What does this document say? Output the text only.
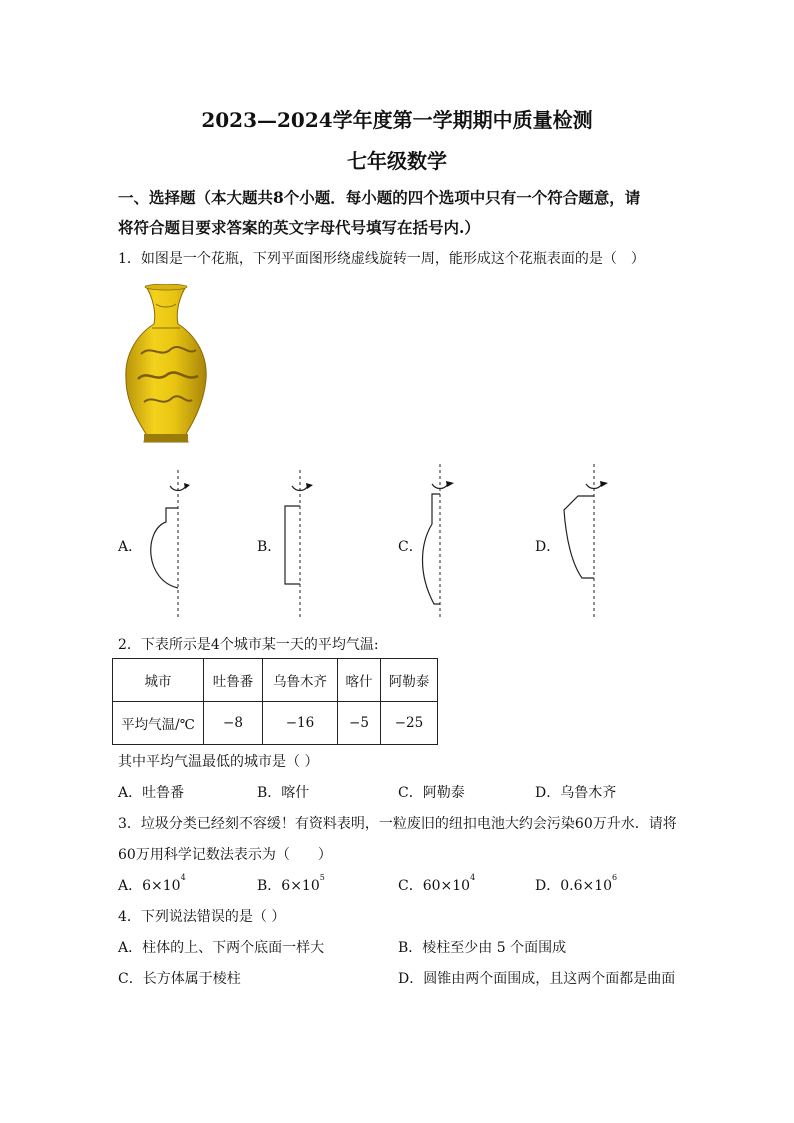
2023—2024学年度第一学期期中质量检测
七年级数学
一、选择题（本大题共8个小题．每小题的四个选项中只有一个符合题意，请
将符合题目要求答案的英文字母代号填写在括号内.）
1．如图是一个花瓶，下列平面图形绕虚线旋转一周，能形成这个花瓶表面的是（　）
A．	B．	C．	D．
2．下表所示是4个城市某一天的平均气温:
城市	吐鲁番	乌鲁木齐	喀什	阿勒泰
平均气温/℃	−8	−16	−5	−25
其中平均气温最低的城市是（ ）
A．吐鲁番	B．喀什	C．阿勒泰	D．乌鲁木齐
3．垃圾分类已经刻不容缓！有资料表明，一粒废旧的纽扣电池大约会污染60万升水．请将
60万用科学记数法表示为（　　）
A．$6\times 10^4$
B．$6\times 10^5$
C．$60\times 10^4$
D．$0.6\times 10^6$
4．下列说法错误的是（ ）
A．柱体的上、下两个底面一样大	B．棱柱至少由 5 个面围成
C．长方体属于棱柱	D．圆锥由两个面围成，且这两个面都是曲面
